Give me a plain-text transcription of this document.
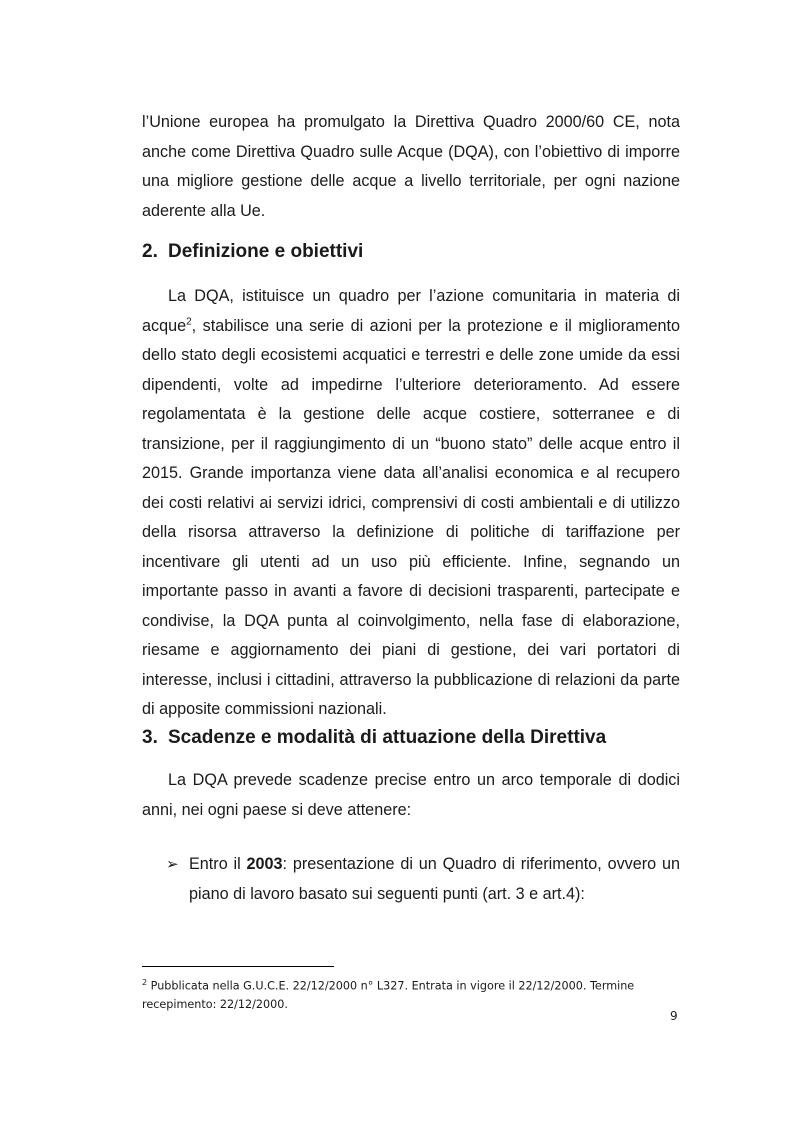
l’Unione europea ha promulgato la Direttiva Quadro 2000/60 CE, nota anche come Direttiva Quadro sulle Acque (DQA), con l’obiettivo di imporre una migliore gestione delle acque a livello territoriale, per ogni nazione aderente alla Ue.

2. Definizione e obiettivi

La DQA, istituisce un quadro per l’azione comunitaria in materia di acque$^2$, stabilisce una serie di azioni per la protezione e il miglioramento dello stato degli ecosistemi acquatici e terrestri e delle zone umide da essi dipendenti, volte ad impedirne l’ulteriore deterioramento. Ad essere regolamentata è la gestione delle acque costiere, sotterranee e di transizione, per il raggiungimento di un “buono stato” delle acque entro il 2015. Grande importanza viene data all’analisi economica e al recupero dei costi relativi ai servizi idrici, comprensivi di costi ambientali e di utilizzo della risorsa attraverso la definizione di politiche di tariffazione per incentivare gli utenti ad un uso più efficiente. Infine, segnando un importante passo in avanti a favore di decisioni trasparenti, partecipate e condivise, la DQA punta al coinvolgimento, nella fase di elaborazione, riesame e aggiornamento dei piani di gestione, dei vari portatori di interesse, inclusi i cittadini, attraverso la pubblicazione di relazioni da parte di apposite commissioni nazionali.

3. Scadenze e modalità di attuazione della Direttiva

La DQA prevede scadenze precise entro un arco temporale di dodici anni, nei ogni paese si deve attenere:

➢ Entro il 2003: presentazione di un Quadro di riferimento, ovvero un piano di lavoro basato sui seguenti punti (art. 3 e art.4):
$^2$ Pubblicata nella G.U.C.E. 22/12/2000 n° L327. Entrata in vigore il 22/12/2000. Termine recepimento: 22/12/2000.
9
